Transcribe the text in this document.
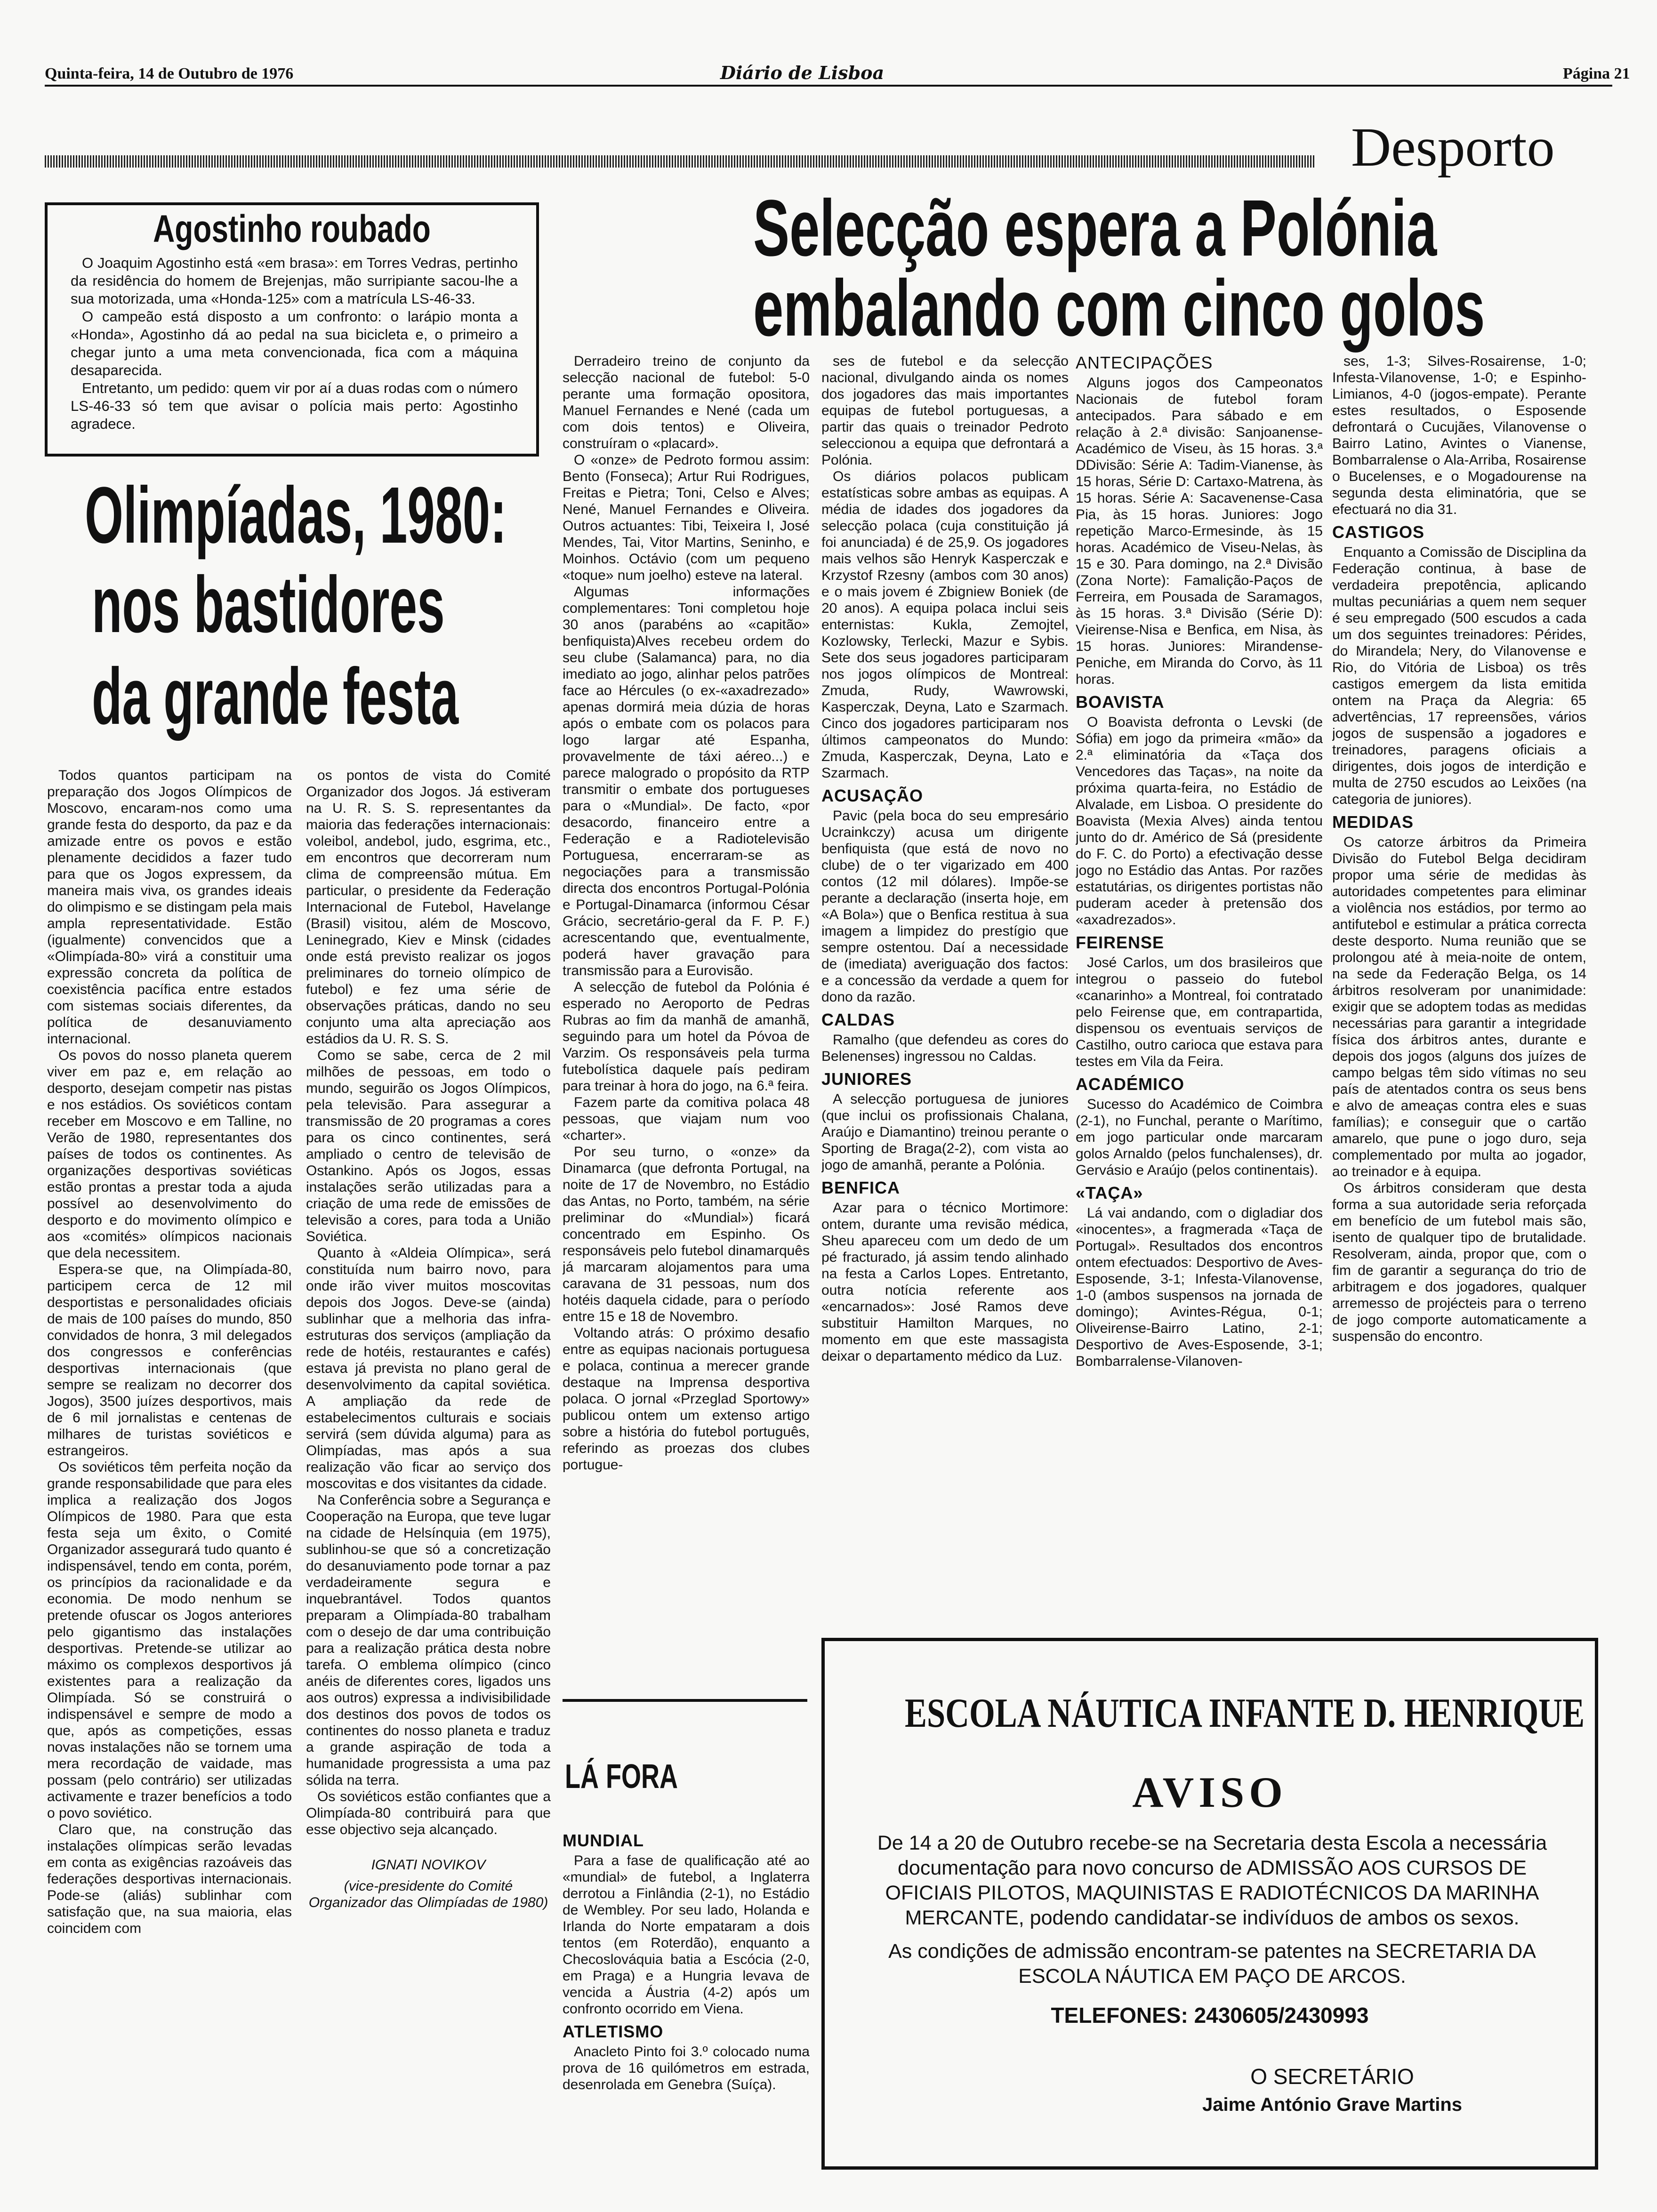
Quinta-feira, 14 de Outubro de 1976	Diário de Lisboa	Página 21
Desporto
Agostinho roubado

O Joaquim Agostinho está «em brasa»: em Torres Vedras, pertinho da residência do homem de Brejenjas, mão surripiante sacou-lhe a sua motorizada, uma «Honda-125» com a matrícula LS-46-33.

O campeão está disposto a um confronto: o larápio monta a «Honda», Agostinho dá ao pedal na sua bicicleta e, o primeiro a chegar junto a uma meta convencionada, fica com a máquina desaparecida.

Entretanto, um pedido: quem vir por aí a duas rodas com o número LS-46-33 só tem que avisar o polícia mais perto: Agostinho agradece.

Selecção espera a Polónia
embalando com cinco golos
Olimpíadas, 1980:
nos bastidores
da grande festa

Todos quantos participam na preparação dos Jogos Olímpicos de Moscovo, encaram-nos como uma grande festa do desporto, da paz e da amizade entre os povos e estão plenamente decididos a fazer tudo para que os Jogos expressem, da maneira mais viva, os grandes ideais do olimpismo e se distingam pela mais ampla representatividade. Estão (igualmente) convencidos que a «Olimpíada-80» virá a constituir uma expressão concreta da política de coexistência pacífica entre estados com sistemas sociais diferentes, da política de desanuviamento internacional.

Os povos do nosso planeta querem viver em paz e, em relação ao desporto, desejam competir nas pistas e nos estádios. Os soviéticos contam receber em Moscovo e em Talline, no Verão de 1980, representantes dos países de todos os continentes. As organizações desportivas soviéticas estão prontas a prestar toda a ajuda possível ao desenvolvimento do desporto e do movimento olímpico e aos «comités» olímpicos nacionais que dela necessitem.

Espera-se que, na Olimpíada-80, participem cerca de 12 mil desportistas e personalidades oficiais de mais de 100 países do mundo, 850 convidados de honra, 3 mil delegados dos congressos e conferências desportivas internacionais (que sempre se realizam no decorrer dos Jogos), 3500 juízes desportivos, mais de 6 mil jornalistas e centenas de milhares de turistas soviéticos e estrangeiros.

Os soviéticos têm perfeita noção da grande responsabilidade que para eles implica a realização dos Jogos Olímpicos de 1980. Para que esta festa seja um êxito, o Comité Organizador assegurará tudo quanto é indispensável, tendo em conta, porém, os princípios da racionalidade e da economia. De modo nenhum se pretende ofuscar os Jogos anteriores pelo gigantismo das instalações desportivas. Pretende-se utilizar ao máximo os complexos desportivos já existentes para a realização da Olimpíada. Só se construirá o indispensável e sempre de modo a que, após as competições, essas novas instalações não se tornem uma mera recordação de vaidade, mas possam (pelo contrário) ser utilizadas activamente e trazer benefícios a todo o povo soviético.

Claro que, na construção das instalações olímpicas serão levadas em conta as exigências razoáveis das federações desportivas internacionais. Pode-se (aliás) sublinhar com satisfação que, na sua maioria, elas coincidem com

os pontos de vista do Comité Organizador dos Jogos. Já estiveram na U. R. S. S. representantes da maioria das federações internacionais: voleibol, andebol, judo, esgrima, etc., em encontros que decorreram num clima de compreensão mútua. Em particular, o presidente da Federação Internacional de Futebol, Havelange (Brasil) visitou, além de Moscovo, Leninegrado, Kiev e Minsk (cidades onde está previsto realizar os jogos preliminares do torneio olímpico de futebol) e fez uma série de observações práticas, dando no seu conjunto uma alta apreciação aos estádios da U. R. S. S.

Como se sabe, cerca de 2 mil milhões de pessoas, em todo o mundo, seguirão os Jogos Olímpicos, pela televisão. Para assegurar a transmissão de 20 programas a cores para os cinco continentes, será ampliado o centro de televisão de Ostankino. Após os Jogos, essas instalações serão utilizadas para a criação de uma rede de emissões de televisão a cores, para toda a União Soviética.

Quanto à «Aldeia Olímpica», será constituída num bairro novo, para onde irão viver muitos moscovitas depois dos Jogos. Deve-se (ainda) sublinhar que a melhoria das infra-estruturas dos serviços (ampliação da rede de hotéis, restaurantes e cafés) estava já prevista no plano geral de desenvolvimento da capital soviética. A ampliação da rede de estabelecimentos culturais e sociais servirá (sem dúvida alguma) para as Olimpíadas, mas após a sua realização vão ficar ao serviço dos moscovitas e dos visitantes da cidade.

Na Conferência sobre a Segurança e Cooperação na Europa, que teve lugar na cidade de Helsínquia (em 1975), sublinhou-se que só a concretização do desanuviamento pode tornar a paz verdadeiramente segura e inquebrantável. Todos quantos preparam a Olimpíada-80 trabalham com o desejo de dar uma contribuição para a realização prática desta nobre tarefa. O emblema olímpico (cinco anéis de diferentes cores, ligados uns aos outros) expressa a indivisibilidade dos destinos dos povos de todos os continentes do nosso planeta e traduz a grande aspiração de toda a humanidade progressista a uma paz sólida na terra.

Os soviéticos estão confiantes que a Olimpíada-80 contribuirá para que esse objectivo seja alcançado.

IGNATI NOVIKOV

(vice-presidente do Comité Organizador das Olimpíadas de 1980)

Derradeiro treino de conjunto da selecção nacional de futebol: 5-0 perante uma formação opositora, Manuel Fernandes e Nené (cada um com dois tentos) e Oliveira, construíram o «placard».

O «onze» de Pedroto formou assim: Bento (Fonseca); Artur Rui Rodrigues, Freitas e Pietra; Toni, Celso e Alves; Nené, Manuel Fernandes e Oliveira. Outros actuantes: Tibi, Teixeira I, José Mendes, Tai, Vitor Martins, Seninho, e Moinhos. Octávio (com um pequeno «toque» num joelho) esteve na lateral.

Algumas informações complementares: Toni completou hoje 30 anos (parabéns ao «capitão» benfiquista)Alves recebeu ordem do seu clube (Salamanca) para, no dia imediato ao jogo, alinhar pelos patrões face ao Hércules (o ex-«axadrezado» apenas dormirá meia dúzia de horas após o embate com os polacos para logo largar até Espanha, provavelmente de táxi aéreo...) e parece malogrado o propósito da RTP transmitir o embate dos portugueses para o «Mundial». De facto, «por desacordo, financeiro entre a Federação e a Radiotelevisão Portuguesa, encerraram-se as negociações para a transmissão directa dos encontros Portugal-Polónia e Portugal-Dinamarca (informou César Grácio, secretário-geral da F. P. F.) acrescentando que, eventualmente, poderá haver gravação para transmissão para a Eurovisão.

A selecção de futebol da Polónia é esperado no Aeroporto de Pedras Rubras ao fim da manhã de amanhã, seguindo para um hotel da Póvoa de Varzim. Os responsáveis pela turma futebolística daquele país pediram para treinar à hora do jogo, na 6.ª feira.

Fazem parte da comitiva polaca 48 pessoas, que viajam num voo «charter».

Por seu turno, o «onze» da Dinamarca (que defronta Portugal, na noite de 17 de Novembro, no Estádio das Antas, no Porto, também, na série preliminar do «Mundial») ficará concentrado em Espinho. Os responsáveis pelo futebol dinamarquês já marcaram alojamentos para uma caravana de 31 pessoas, num dos hotéis daquela cidade, para o período entre 15 e 18 de Novembro.

Voltando atrás: O próximo desafio entre as equipas nacionais portuguesa e polaca, continua a merecer grande destaque na Imprensa desportiva polaca. O jornal «Przeglad Sportowy» publicou ontem um extenso artigo sobre a história do futebol português, referindo as proezas dos clubes portugue-

ses de futebol e da selecção nacional, divulgando ainda os nomes dos jogadores das mais importantes equipas de futebol portuguesas, a partir das quais o treinador Pedroto seleccionou a equipa que defrontará a Polónia.

Os diários polacos publicam estatísticas sobre ambas as equipas. A média de idades dos jogadores da selecção polaca (cuja constituição já foi anunciada) é de 25,9. Os jogadores mais velhos são Henryk Kasperczak e Krzystof Rzesny (ambos com 30 anos) e o mais jovem é Zbigniew Boniek (de 20 anos). A equipa polaca inclui seis enternistas: Kukla, Zemojtel, Kozlowsky, Terlecki, Mazur e Sybis. Sete dos seus jogadores participaram nos jogos olímpicos de Montreal: Zmuda, Rudy, Wawrowski, Kasperczak, Deyna, Lato e Szarmach. Cinco dos jogadores participaram nos últimos campeonatos do Mundo: Zmuda, Kasperczak, Deyna, Lato e Szarmach.

ACUSAÇÃO

Pavic (pela boca do seu empresário Ucrainkczy) acusa um dirigente benfiquista (que está de novo no clube) de o ter vigarizado em 400 contos (12 mil dólares). Impõe-se perante a declaração (inserta hoje, em «A Bola») que o Benfica restitua à sua imagem a limpidez do prestígio que sempre ostentou. Daí a necessidade de (imediata) averiguação dos factos: e a concessão da verdade a quem for dono da razão.

CALDAS

Ramalho (que defendeu as cores do Belenenses) ingressou no Caldas.

JUNIORES

A selecção portuguesa de juniores (que inclui os profissionais Chalana, Araújo e Diamantino) treinou perante o Sporting de Braga(2-2), com vista ao jogo de amanhã, perante a Polónia.

BENFICA

Azar para o técnico Mortimore: ontem, durante uma revisão médica, Sheu apareceu com um dedo de um pé fracturado, já assim tendo alinhado na festa a Carlos Lopes. Entretanto, outra notícia referente aos «encarnados»: José Ramos deve substituir Hamilton Marques, no momento em que este massagista deixar o departamento médico da Luz.

ANTECIPAÇÕES

Alguns jogos dos Campeonatos Nacionais de futebol foram antecipados. Para sábado e em relação à 2.ª divisão: Sanjoanense-Académico de Viseu, às 15 horas. 3.ª DDivisão: Série A: Tadim-Vianense, às 15 horas, Série D: Cartaxo-Matrena, às 15 horas. Série A: Sacavenense-Casa Pia, às 15 horas. Juniores: Jogo repetição Marco-Ermesinde, às 15 horas. Académico de Viseu-Nelas, às 15 e 30. Para domingo, na 2.ª Divisão (Zona Norte): Famalição-Paços de Ferreira, em Pousada de Saramagos, às 15 horas. 3.ª Divisão (Série D): Vieirense-Nisa e Benfica, em Nisa, às 15 horas. Juniores: Mirandense-Peniche, em Miranda do Corvo, às 11 horas.

BOAVISTA

O Boavista defronta o Levski (de Sófia) em jogo da primeira «mão» da 2.ª eliminatória da «Taça dos Vencedores das Taças», na noite da próxima quarta-feira, no Estádio de Alvalade, em Lisboa. O presidente do Boavista (Mexia Alves) ainda tentou junto do dr. Américo de Sá (presidente do F. C. do Porto) a efectivação desse jogo no Estádio das Antas. Por razões estatutárias, os dirigentes portistas não puderam aceder à pretensão dos «axadrezados».

FEIRENSE

José Carlos, um dos brasileiros que integrou o passeio do futebol «canarinho» a Montreal, foi contratado pelo Feirense que, em contrapartida, dispensou os eventuais serviços de Castilho, outro carioca que estava para testes em Vila da Feira.

ACADÉMICO

Sucesso do Académico de Coimbra (2-1), no Funchal, perante o Marítimo, em jogo particular onde marcaram golos Arnaldo (pelos funchalenses), dr. Gervásio e Araújo (pelos continentais).

«TAÇA»

Lá vai andando, com o digladiar dos «inocentes», a fragmerada «Taça de Portugal». Resultados dos encontros ontem efectuados: Desportivo de Aves-Esposende, 3-1; Infesta-Vilanovense, 1-0 (ambos suspensos na jornada de domingo); Avintes-Régua, 0-1; Oliveirense-Bairro Latino, 2-1; Desportivo de Aves-Esposende, 3-1; Bombarralense-Vilanoven-

ses, 1-3; Silves-Rosairense, 1-0; Infesta-Vilanovense, 1-0; e Espinho-Limianos, 4-0 (jogos-empate). Perante estes resultados, o Esposende defrontará o Cucujães, Vilanovense o Bairro Latino, Avintes o Vianense, Bombarralense o Ala-Arriba, Rosairense o Bucelenses, e o Mogadourense na segunda desta eliminatória, que se efectuará no dia 31.

CASTIGOS

Enquanto a Comissão de Disciplina da Federação continua, à base de verdadeira prepotência, aplicando multas pecuniárias a quem nem sequer é seu empregado (500 escudos a cada um dos seguintes treinadores: Pérides, do Mirandela; Nery, do Vilanovense e Rio, do Vitória de Lisboa) os três castigos emergem da lista emitida ontem na Praça da Alegria: 65 advertências, 17 repreensões, vários jogos de suspensão a jogadores e treinadores, paragens oficiais a dirigentes, dois jogos de interdição e multa de 2750 escudos ao Leixões (na categoria de juniores).

MEDIDAS

Os catorze árbitros da Primeira Divisão do Futebol Belga decidiram propor uma série de medidas às autoridades competentes para eliminar a violência nos estádios, por termo ao antifutebol e estimular a prática correcta deste desporto. Numa reunião que se prolongou até à meia-noite de ontem, na sede da Federação Belga, os 14 árbitros resolveram por unanimidade: exigir que se adoptem todas as medidas necessárias para garantir a integridade física dos árbitros antes, durante e depois dos jogos (alguns dos juízes de campo belgas têm sido vítimas no seu país de atentados contra os seus bens e alvo de ameaças contra eles e suas famílias); e conseguir que o cartão amarelo, que pune o jogo duro, seja complementado por multa ao jogador, ao treinador e à equipa.

Os árbitros consideram que desta forma a sua autoridade seria reforçada em benefício de um futebol mais são, isento de qualquer tipo de brutalidade. Resolveram, ainda, propor que, com o fim de garantir a segurança do trio de arbitragem e dos jogadores, qualquer arremesso de projécteis para o terreno de jogo comporte automaticamente a suspensão do encontro.

LÁ FORA
MUNDIAL

Para a fase de qualificação até ao «mundial» de futebol, a Inglaterra derrotou a Finlândia (2-1), no Estádio de Wembley. Por seu lado, Holanda e Irlanda do Norte empataram a dois tentos (em Roterdão), enquanto a Checoslováquia batia a Escócia (2-0, em Praga) e a Hungria levava de vencida a Áustria (4-2) após um confronto ocorrido em Viena.

ATLETISMO

Anacleto Pinto foi 3.º colocado numa prova de 16 quilómetros em estrada, desenrolada em Genebra (Suíça).

ESCOLA NÁUTICA INFANTE D. HENRIQUE
AVISO
De 14 a 20 de Outubro recebe-se na Secretaria desta Escola a necessária documentação para novo concurso de ADMISSÃO AOS CURSOS DE OFICIAIS PILOTOS, MAQUINISTAS E RADIOTÉCNICOS DA MARINHA MERCANTE, podendo candidatar-se indivíduos de ambos os sexos.
As condições de admissão encontram-se patentes na SECRETARIA DA ESCOLA NÁUTICA EM PAÇO DE ARCOS.
TELEFONES: 2430605/2430993
O SECRETÁRIO
Jaime António Grave Martins
